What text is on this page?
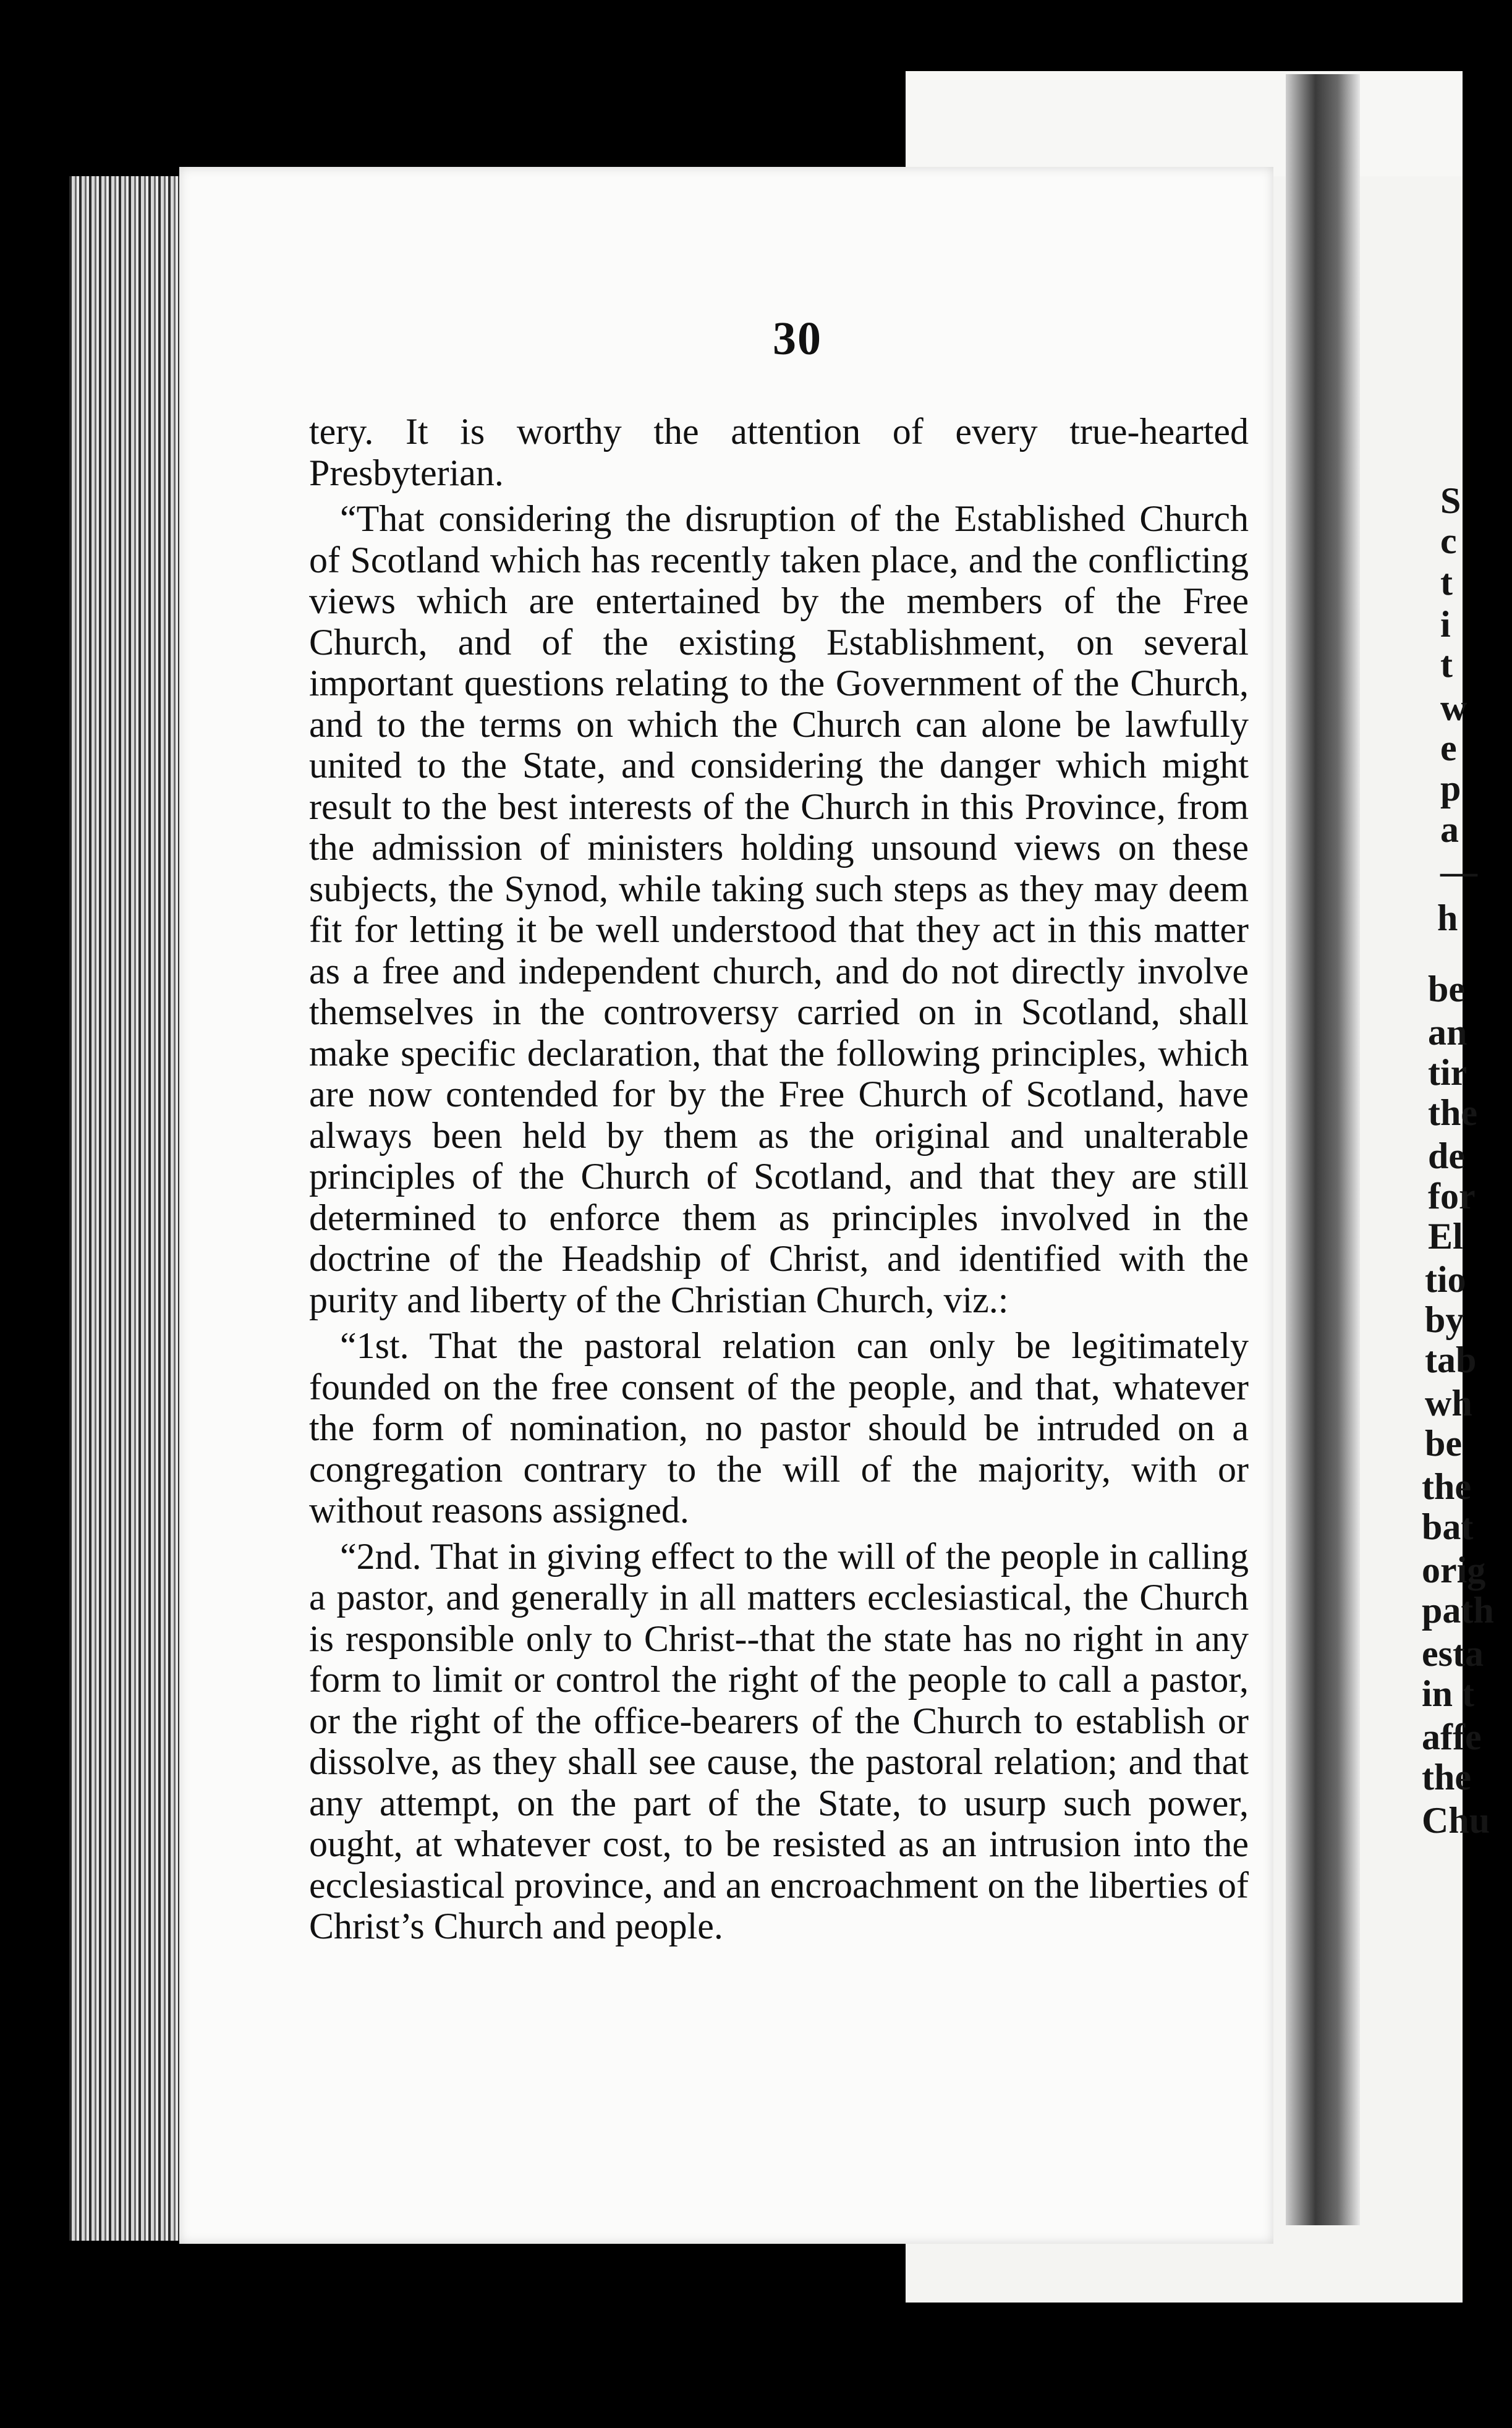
S
c
t
i
t
w
e
p
a
—
h
be
an
tir
the
de
for
El
tio
by
tab
wh
be
the
bat
orig
path
esta
in t
affe
the
Chu
30

tery. It is worthy the attention of every true-hearted Presbyterian.

“That considering the disruption of the Established Church of Scotland which has recently taken place, and the conflicting views which are entertained by the members of the Free Church, and of the existing Establishment, on several important questions relating to the Government of the Church, and to the terms on which the Church can alone be lawfully united to the State, and considering the danger which might result to the best interests of the Church in this Province, from the admission of ministers holding unsound views on these subjects, the Synod, while taking such steps as they may deem fit for letting it be well understood that they act in this matter as a free and independent church, and do not directly involve themselves in the controversy carried on in Scotland, shall make specific declaration, that the following principles, which are now contended for by the Free Church of Scotland, have always been held by them as the original and unalterable principles of the Church of Scotland, and that they are still determined to enforce them as principles involved in the doctrine of the Headship of Christ, and identified with the purity and liberty of the Christian Church, viz.:

“1st. That the pastoral relation can only be legitimately founded on the free consent of the people, and that, whatever the form of nomination, no pastor should be intruded on a congregation contrary to the will of the majority, with or without reasons assigned.

“2nd. That in giving effect to the will of the people in calling a pastor, and generally in all matters ecclesiastical, the Church is responsible only to Christ--that the state has no right in any form to limit or control the right of the people to call a pastor, or the right of the office-bearers of the Church to establish or dissolve, as they shall see cause, the pastoral relation; and that any attempt, on the part of the State, to usurp such power, ought, at whatever cost, to be resisted as an intrusion into the ecclesiastical province, and an encroachment on the liberties of Christ’s Church and people.
